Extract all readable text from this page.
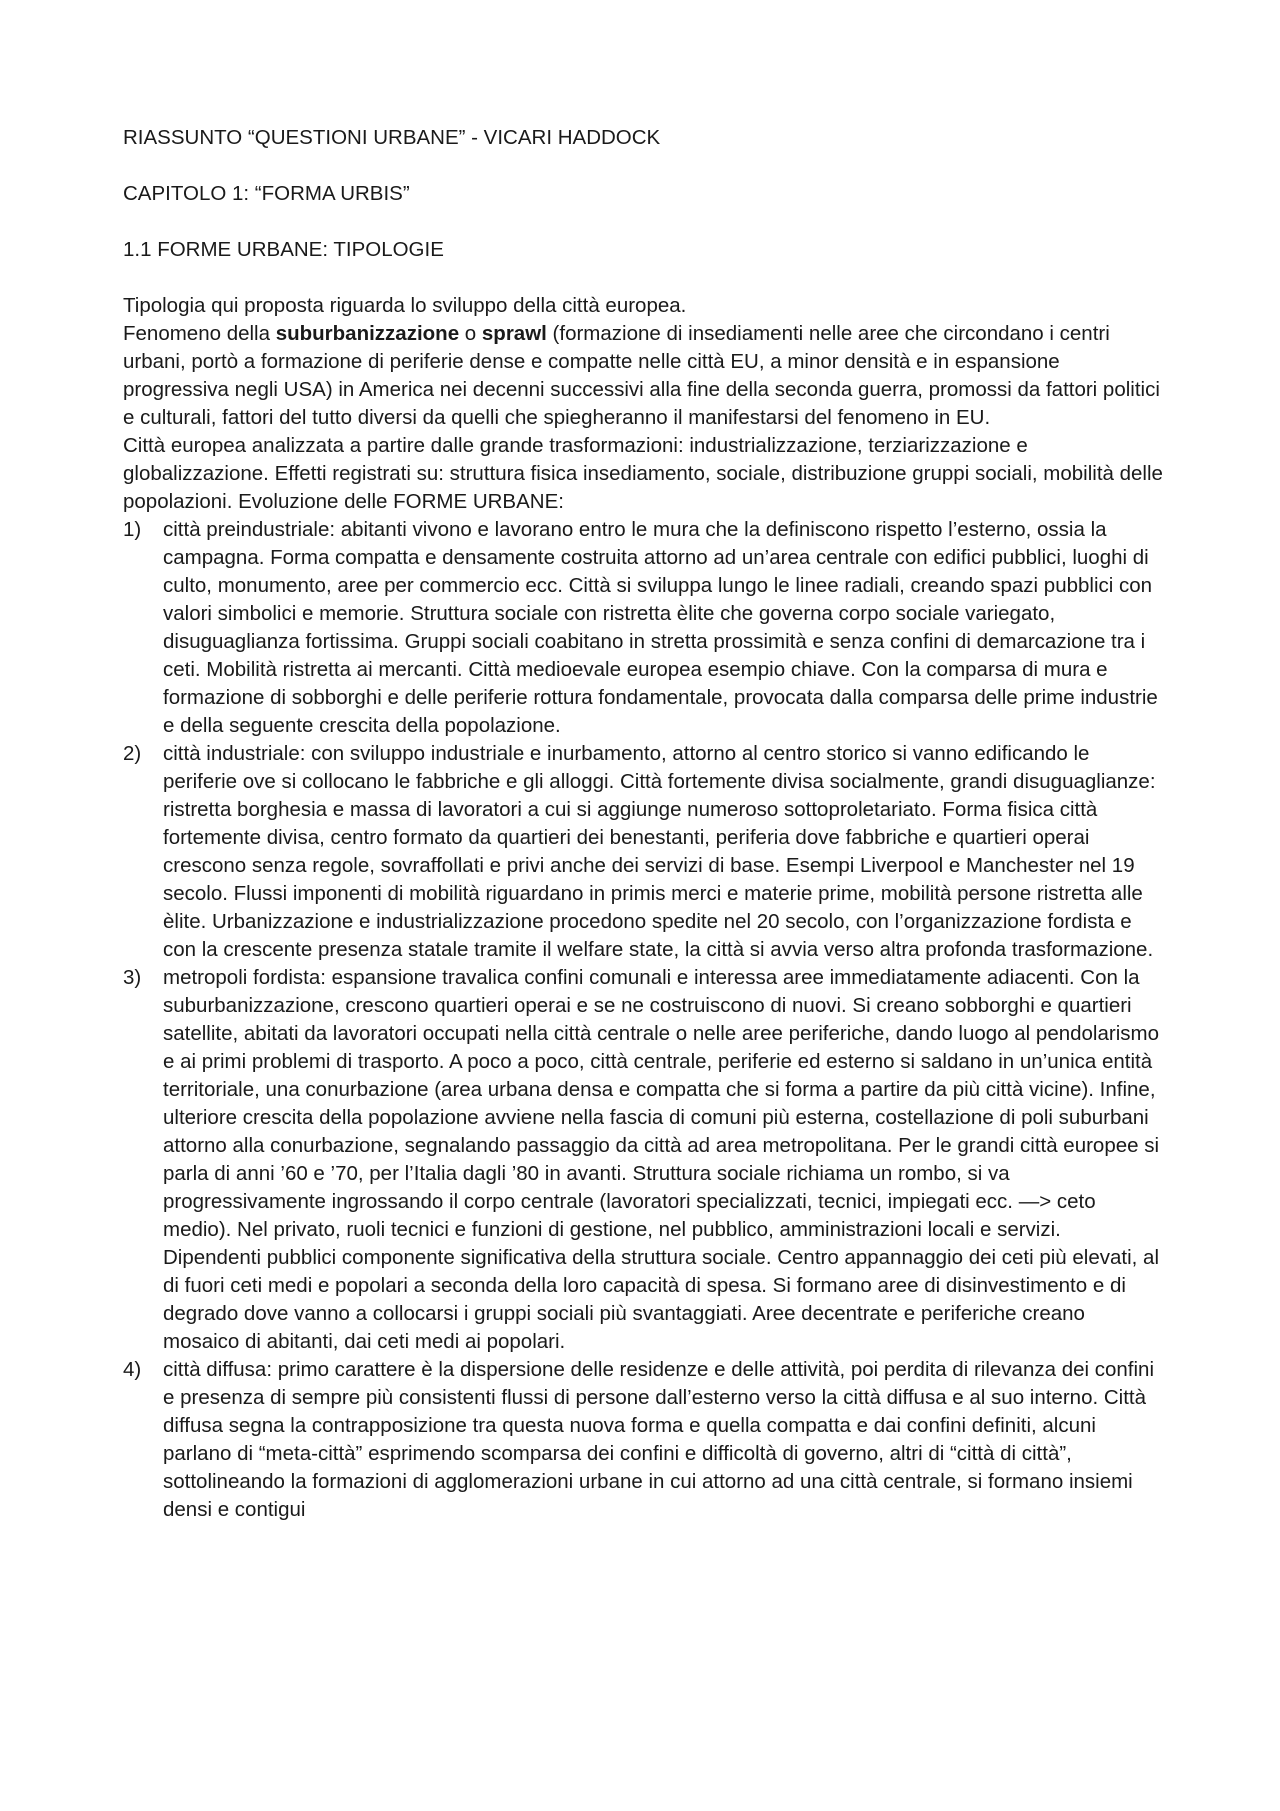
RIASSUNTO “QUESTIONI URBANE” - VICARI HADDOCK

CAPITOLO 1: “FORMA URBIS”

1.1 FORME URBANE: TIPOLOGIE

Tipologia qui proposta riguarda lo sviluppo della città europea.

Fenomeno della suburbanizzazione o sprawl (formazione di insediamenti nelle aree che circondano i centri urbani, portò a formazione di periferie dense e compatte nelle città EU, a minor densità e in espansione progressiva negli USA) in America nei decenni successivi alla fine della seconda guerra, promossi da fattori politici e culturali, fattori del tutto diversi da quelli che spiegheranno il manifestarsi del fenomeno in EU.

Città europea analizzata a partire dalle grande trasformazioni: industrializzazione, terziarizzazione e globalizzazione. Effetti registrati su: struttura fisica insediamento, sociale, distribuzione gruppi sociali, mobilità delle popolazioni. Evoluzione delle FORME URBANE:

1) città preindustriale: abitanti vivono e lavorano entro le mura che la definiscono rispetto l’esterno, ossia la campagna. Forma compatta e densamente costruita attorno ad un’area centrale con edifici pubblici, luoghi di culto, monumento, aree per commercio ecc. Città si sviluppa lungo le linee radiali, creando spazi pubblici con valori simbolici e memorie. Struttura sociale con ristretta èlite che governa corpo sociale variegato, disuguaglianza fortissima. Gruppi sociali coabitano in stretta prossimità e senza confini di demarcazione tra i ceti. Mobilità ristretta ai mercanti. Città medioevale europea esempio chiave. Con la comparsa di mura e formazione di sobborghi e delle periferie rottura fondamentale, provocata dalla comparsa delle prime industrie e della seguente crescita della popolazione.
2) città industriale: con sviluppo industriale e inurbamento, attorno al centro storico si vanno edificando le periferie ove si collocano le fabbriche e gli alloggi. Città fortemente divisa socialmente, grandi disuguaglianze: ristretta borghesia e massa di lavoratori a cui si aggiunge numeroso sottoproletariato. Forma fisica città fortemente divisa, centro formato da quartieri dei benestanti, periferia dove fabbriche e quartieri operai crescono senza regole, sovraffollati e privi anche dei servizi di base. Esempi Liverpool e Manchester nel 19 secolo. Flussi imponenti di mobilità riguardano in primis merci e materie prime, mobilità persone ristretta alle èlite. Urbanizzazione e industrializzazione procedono spedite nel 20 secolo, con l’organizzazione fordista e con la crescente presenza statale tramite il welfare state, la città si avvia verso altra profonda trasformazione.
3) metropoli fordista: espansione travalica confini comunali e interessa aree immediatamente adiacenti. Con la suburbanizzazione, crescono quartieri operai e se ne costruiscono di nuovi. Si creano sobborghi e quartieri satellite, abitati da lavoratori occupati nella città centrale o nelle aree periferiche, dando luogo al pendolarismo e ai primi problemi di trasporto. A poco a poco, città centrale, periferie ed esterno si saldano in un’unica entità territoriale, una conurbazione (area urbana densa e compatta che si forma a partire da più città vicine). Infine, ulteriore crescita della popolazione avviene nella fascia di comuni più esterna, costellazione di poli suburbani attorno alla conurbazione, segnalando passaggio da città ad area metropolitana. Per le grandi città europee si parla di anni ’60 e ’70, per l’Italia dagli ’80 in avanti. Struttura sociale richiama un rombo, si va progressivamente ingrossando il corpo centrale (lavoratori specializzati, tecnici, impiegati ecc. —> ceto medio). Nel privato, ruoli tecnici e funzioni di gestione, nel pubblico, amministrazioni locali e servizi. Dipendenti pubblici componente significativa della struttura sociale. Centro appannaggio dei ceti più elevati, al di fuori ceti medi e popolari a seconda della loro capacità di spesa. Si formano aree di disinvestimento e di degrado dove vanno a collocarsi i gruppi sociali più svantaggiati. Aree decentrate e periferiche creano mosaico di abitanti, dai ceti medi ai popolari.
4) città diffusa: primo carattere è la dispersione delle residenze e delle attività, poi perdita di rilevanza dei confini e presenza di sempre più consistenti flussi di persone dall’esterno verso la città diffusa e al suo interno. Città diffusa segna la contrapposizione tra questa nuova forma e quella compatta e dai confini definiti, alcuni parlano di “meta-città” esprimendo scomparsa dei confini e difficoltà di governo, altri di “città di città”, sottolineando la formazioni di agglomerazioni urbane in cui attorno ad una città centrale, si formano insiemi densi e contigui
